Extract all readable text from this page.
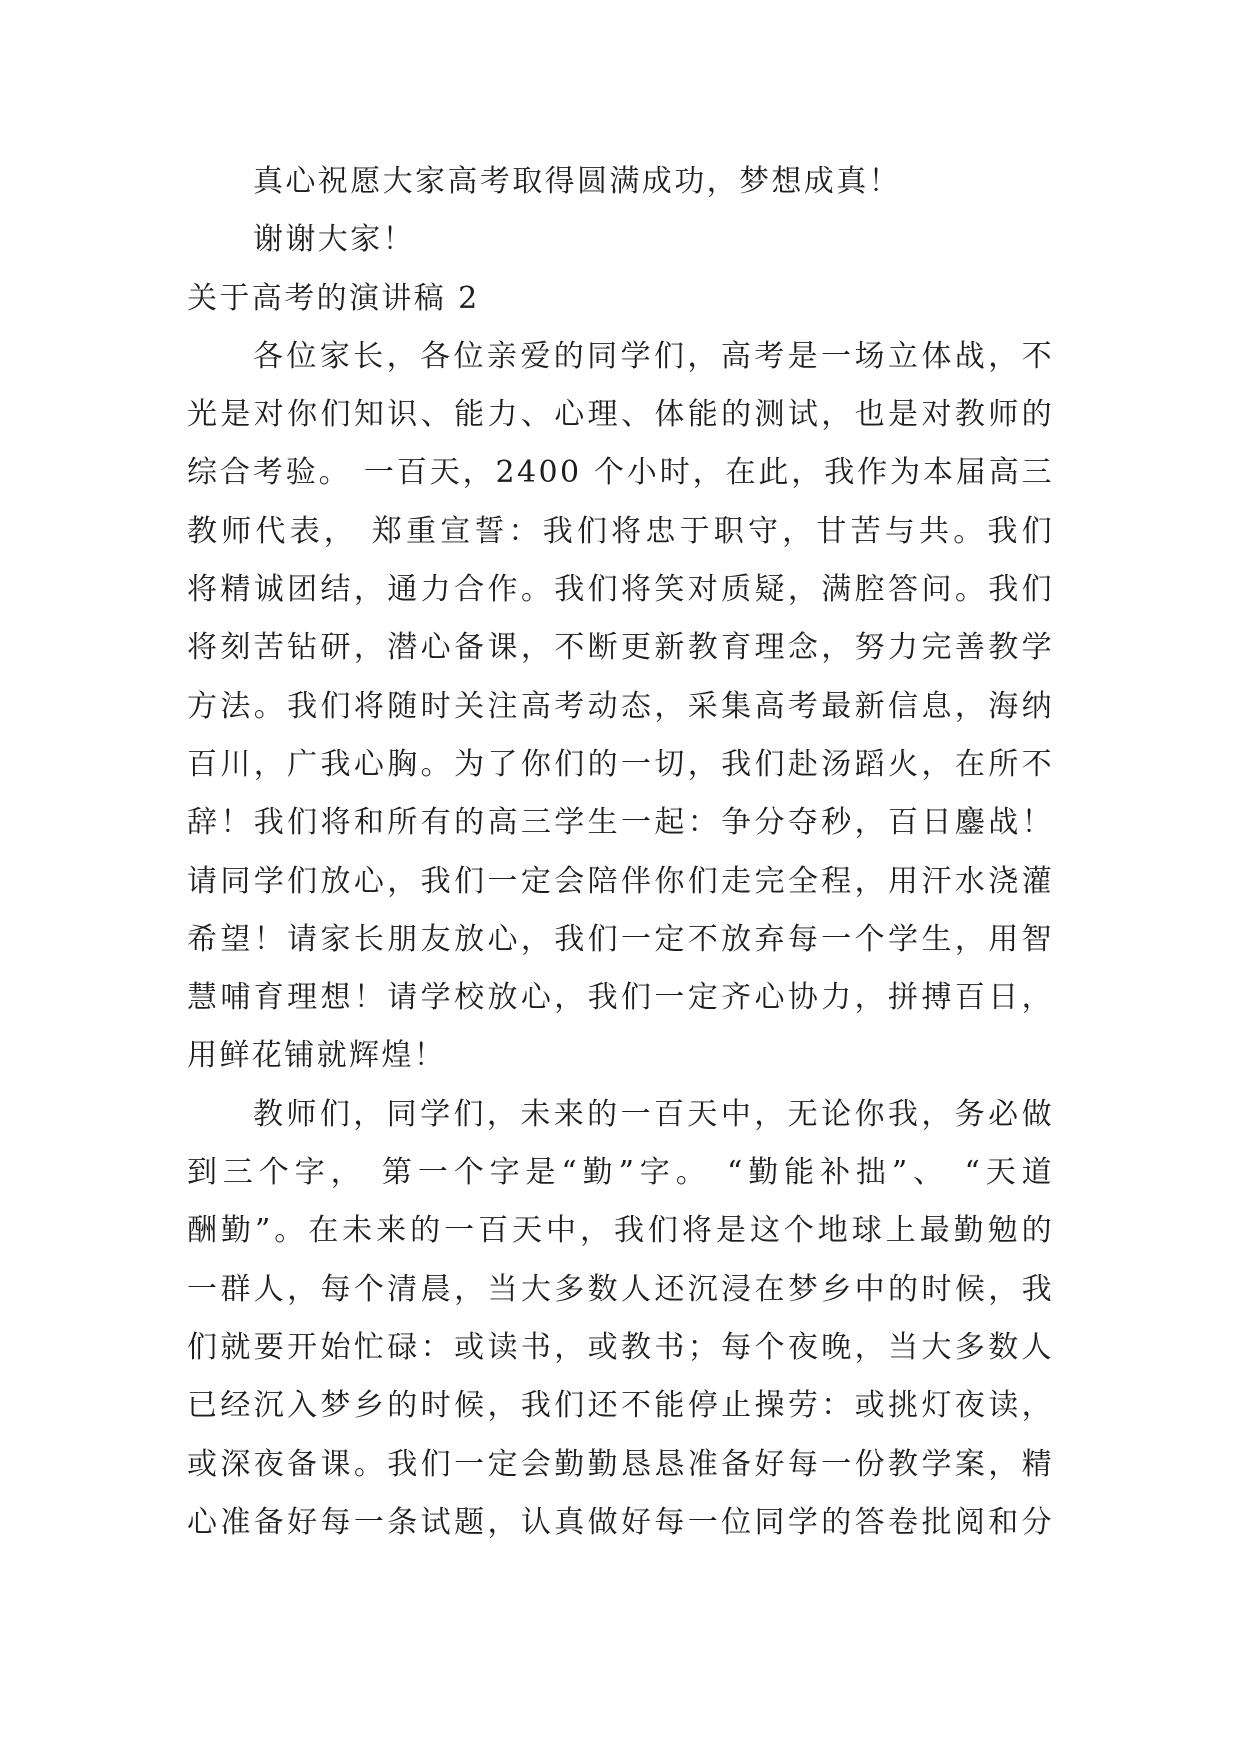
真心祝愿大家高考取得圆满成功，梦想成真！
谢谢大家！
关于高考的演讲稿 2
各位家长，各位亲爱的同学们，高考是一场立体战，不
光是对你们知识、能力、心理、体能的测试，也是对教师的
综合考验。 一百天，2400 个小时，在此，我作为本届高三
教师代表， 郑重宣誓：我们将忠于职守，甘苦与共。我们
将精诚团结，通力合作。我们将笑对质疑，满腔答问。我们
将刻苦钻研，潜心备课，不断更新教育理念，努力完善教学
方法。我们将随时关注高考动态，采集高考最新信息，海纳
百川，广我心胸。为了你们的一切，我们赴汤蹈火，在所不
辞！我们将和所有的高三学生一起：争分夺秒，百日鏖战！
请同学们放心，我们一定会陪伴你们走完全程，用汗水浇灌
希望！请家长朋友放心，我们一定不放弃每一个学生，用智
慧哺育理想！请学校放心，我们一定齐心协力，拼搏百日，
用鲜花铺就辉煌！
教师们，同学们，未来的一百天中，无论你我，务必做
到三个字， 第一个字是“勤”字。 “勤能补拙”、 “天道
酬勤”。在未来的一百天中，我们将是这个地球上最勤勉的
一群人，每个清晨，当大多数人还沉浸在梦乡中的时候，我
们就要开始忙碌：或读书，或教书；每个夜晚，当大多数人
已经沉入梦乡的时候，我们还不能停止操劳：或挑灯夜读，
或深夜备课。我们一定会勤勤恳恳准备好每一份教学案，精
心准备好每一条试题，认真做好每一位同学的答卷批阅和分
